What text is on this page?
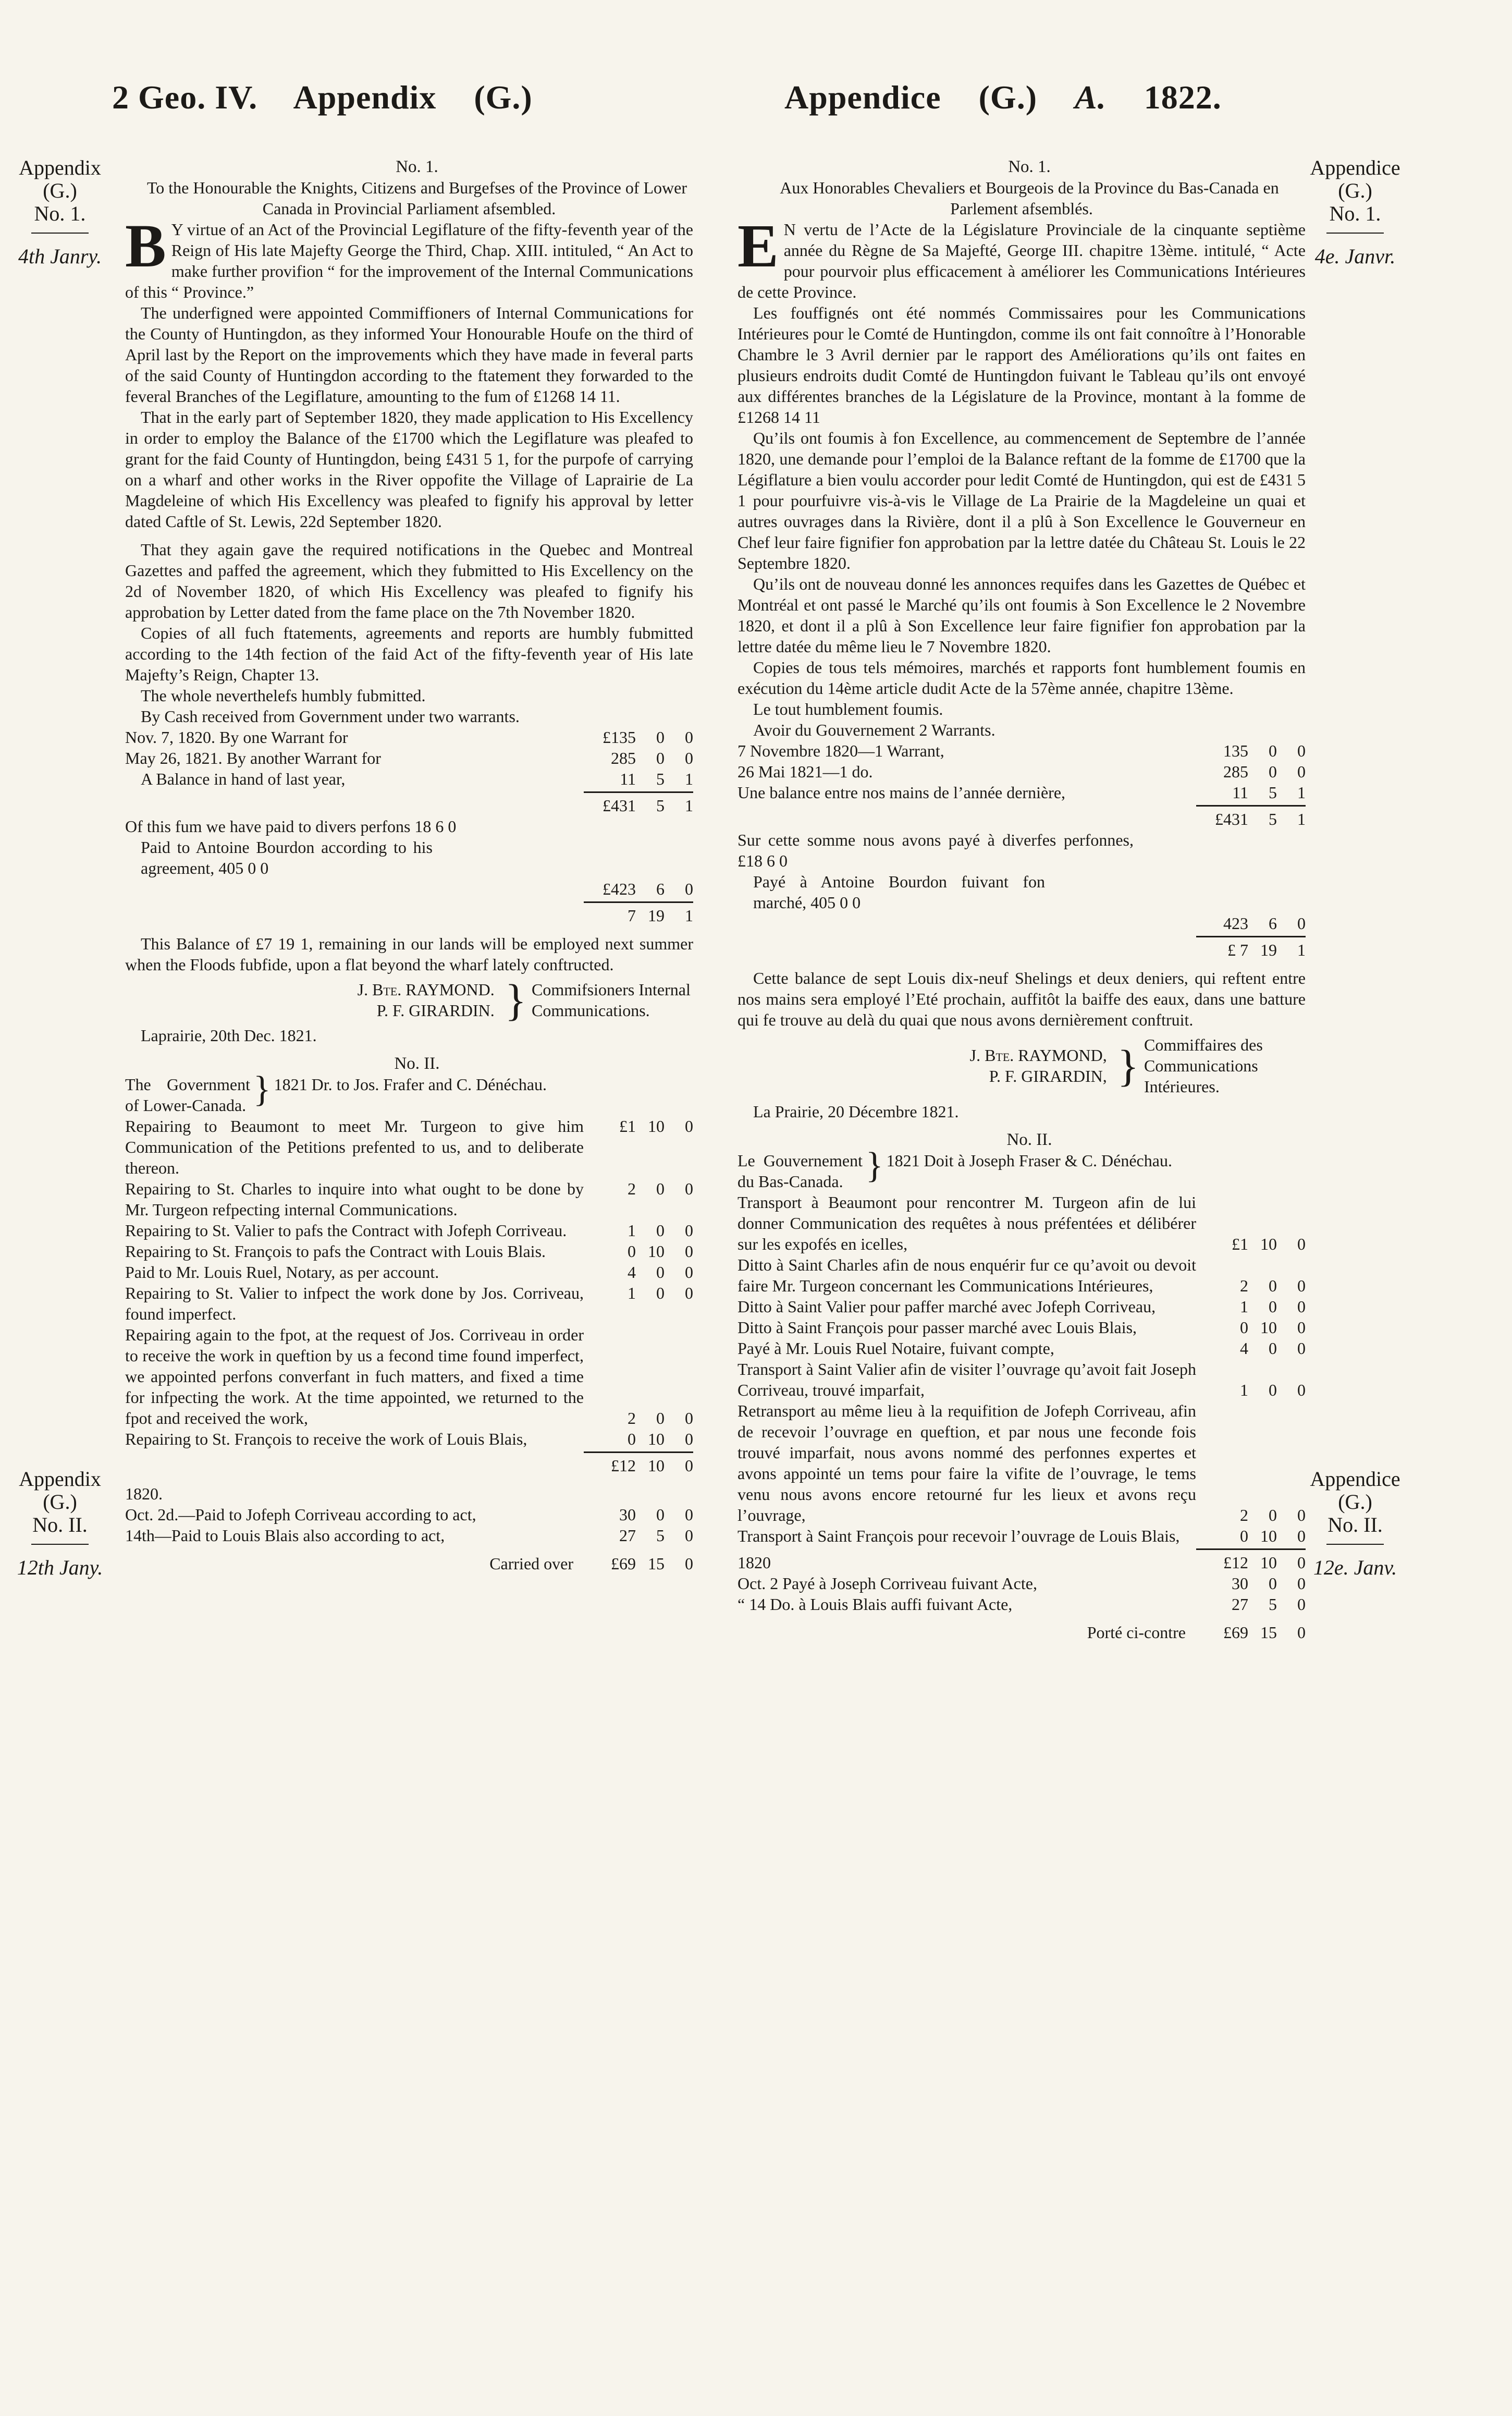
2 Geo. IV. Appendix (G.)	Appendice (G.) A. 1822.
Appendix
(G.)
No. 1.
4th Janry.
Appendice
(G.)
No. 1.
4e. Janvr.
Appendix
(G.)
No. II.
12th Jany.
Appendice
(G.)
No. II.
12e. Janv.

No. 1.

To the Honourable the Knights, Citizens and Burgefses of the Province of Lower Canada in Provincial Parliament afsembled.

B Y virtue of an Act of the Provincial Legiflature of the fifty-feventh year of the Reign of His late Majefty George the Third, Chap. XIII. intituled, “ An Act to make further provifion “ for the improvement of the Internal Communications of this “ Province.”

The underfigned were appointed Commiffioners of Internal Communications for the County of Huntingdon, as they informed Your Honourable Houfe on the third of April last by the Report on the improvements which they have made in feveral parts of the said County of Huntingdon according to the ftatement they forwarded to the feveral Branches of the Legiflature, amounting to the fum of £1268 14 11.

That in the early part of September 1820, they made application to His Excellency in order to employ the Balance of the £1700 which the Legiflature was pleafed to grant for the faid County of Huntingdon, being £431 5 1, for the purpofe of carrying on a wharf and other works in the River oppofite the Village of Laprairie de La Magdeleine of which His Excellency was pleafed to fignify his approval by letter dated Caftle of St. Lewis, 22d September 1820.

That they again gave the required notifications in the Quebec and Montreal Gazettes and paffed the agreement, which they fubmitted to His Excellency on the 2d of November 1820, of which His Excellency was pleafed to fignify his approbation by Letter dated from the fame place on the 7th November 1820.

Copies of all fuch ftatements, agreements and reports are humbly fubmitted according to the 14th fection of the faid Act of the fifty-feventh year of His late Majefty’s Reign, Chapter 13.

The whole neverthelefs humbly fubmitted.

By Cash received from Government under two warrants.

Nov. 7, 1820. By one Warrant for	£135	0	0
May 26, 1821. By another Warrant for	285	0	0
A Balance in hand of last year,	11	5	1
£431	5	1

Of this fum we have paid to divers perfons 18 6 0

Paid to Antoine Bourdon according to his agreement, 405 0 0

£423	6	0
7 19	1

This Balance of £7 19 1, remaining in our lands will be employed next summer when the Floods fubfide, upon a flat beyond the wharf lately conftructed.

J. Bte. RAYMOND.
P. F. GIRARDIN. } Commifsioners Internal Communications.

Laprairie, 20th Dec. 1821.

No. II.

The Government of Lower-Canada. } 1821 Dr. to Jos. Frafer and C. Dénéchau.
Repairing to Beaumont to meet Mr. Turgeon to give him Communication of the Petitions prefented to us, and to deliberate thereon.
£1 10	0
Repairing to St. Charles to inquire into what ought to be done by Mr. Turgeon refpecting internal Communications.
2	0	0
Repairing to St. Valier to pafs the Contract with Jofeph Corriveau.	1	0	0
Repairing to St. François to pafs the Contract with Louis Blais.	0 10	0
Paid to Mr. Louis Ruel, Notary, as per account.	4	0	0
Repairing to St. Valier to infpect the work done by Jos. Corriveau, found imperfect.
1	0	0
Repairing again to the fpot, at the request of Jos. Corriveau in order to receive the work in queftion by us a fecond time found imperfect, we appointed perfons converfant in fuch matters, and fixed a time for infpecting the work. At the time appointed, we returned to the fpot and received the work,	2	0	0
Repairing to St. François to receive the work of Louis Blais,	0 10	0
£12 10	0

1820.

Oct. 2d.—Paid to Jofeph Corriveau according to act,	30	0	0
14th—Paid to Louis Blais also according to act,	27	5	0
Carried over	£69 15	0

No. 1.

Aux Honorables Chevaliers et Bourgeois de la Province du Bas-Canada en Parlement afsemblés.

E N vertu de l’Acte de la Législature Provinciale de la cinquante septième année du Règne de Sa Majefté, George III. chapitre 13ème. intitulé, “ Acte pour pourvoir plus efficacement à améliorer les Communications Intérieures de cette Province.

Les fouffignés ont été nommés Commissaires pour les Communications Intérieures pour le Comté de Huntingdon, comme ils ont fait connoître à l’Honorable Chambre le 3 Avril dernier par le rapport des Améliorations qu’ils ont faites en plusieurs endroits dudit Comté de Huntingdon fuivant le Tableau qu’ils ont envoyé aux différentes branches de la Législature de la Province, montant à la fomme de £1268 14 11

Qu’ils ont foumis à fon Excellence, au commencement de Septembre de l’année 1820, une demande pour l’emploi de la Balance reftant de la fomme de £1700 que la Légiflature a bien voulu accorder pour ledit Comté de Huntingdon, qui est de £431 5 1 pour pourfuivre vis-à-vis le Village de La Prairie de la Magdeleine un quai et autres ouvrages dans la Rivière, dont il a plû à Son Excellence le Gouverneur en Chef leur faire fignifier fon approbation par la lettre datée du Château St. Louis le 22 Septembre 1820.

Qu’ils ont de nouveau donné les annonces requifes dans les Gazettes de Québec et Montréal et ont passé le Marché qu’ils ont foumis à Son Excellence le 2 Novembre 1820, et dont il a plû à Son Excellence leur faire fignifier fon approbation par la lettre datée du même lieu le 7 Novembre 1820.

Copies de tous tels mémoires, marchés et rapports font humblement foumis en exécution du 14ème article dudit Acte de la 57ème année, chapitre 13ème.

Le tout humblement foumis.

Avoir du Gouvernement 2 Warrants.

7 Novembre 1820—1 Warrant,	135	0	0
26 Mai 1821—1 do.	285	0	0
Une balance entre nos mains de l’année dernière,	11	5	1
£431	5	1

Sur cette somme nous avons payé à diverfes perfonnes, £18 6 0

Payé à Antoine Bourdon fuivant fon marché, 405 0 0

423	6	0
£ 7 19	1

Cette balance de sept Louis dix-neuf Shelings et deux deniers, qui reftent entre nos mains sera employé l’Eté prochain, auffitôt la baiffe des eaux, dans une batture qui fe trouve au delà du quai que nous avons dernièrement conftruit.

J. Bte. RAYMOND,
P. F. GIRARDIN, } Commiffaires des Communications Intérieures.

La Prairie, 20 Décembre 1821.

No. II.

Le Gouvernement du Bas-Canada. } 1821 Doit à Joseph Fraser & C. Dénéchau.
Transport à Beaumont pour rencontrer M. Turgeon afin de lui donner Communication des requêtes à nous préfentées et délibérer sur les expofés en icelles,	£1 10	0
Ditto à Saint Charles afin de nous enquérir fur ce qu’avoit ou devoit faire Mr. Turgeon concernant les Communications Intérieures,	2	0	0
Ditto à Saint Valier pour paffer marché avec Jofeph Corriveau,	1	0	0
Ditto à Saint François pour passer marché avec Louis Blais,	0 10	0
Payé à Mr. Louis Ruel Notaire, fuivant compte,	4	0	0
Transport à Saint Valier afin de visiter l’ouvrage qu’avoit fait Joseph Corriveau, trouvé imparfait,	1	0	0
Retransport au même lieu à la requifition de Jofeph Corriveau, afin de recevoir l’ouvrage en queftion, et par nous une feconde fois trouvé imparfait, nous avons nommé des perfonnes expertes et avons appointé un tems pour faire la vifite de l’ouvrage, le tems venu nous avons encore retourné fur les lieux et avons reçu l’ouvrage,	2	0	0
Transport à Saint François pour recevoir l’ouvrage de Louis Blais,	0 10	0
1820	£12 10	0
Oct. 2 Payé à Joseph Corriveau fuivant Acte,	30	0	0
“ 14 Do. à Louis Blais auffi fuivant Acte,	27	5	0
Porté ci-contre	£69 15	0
